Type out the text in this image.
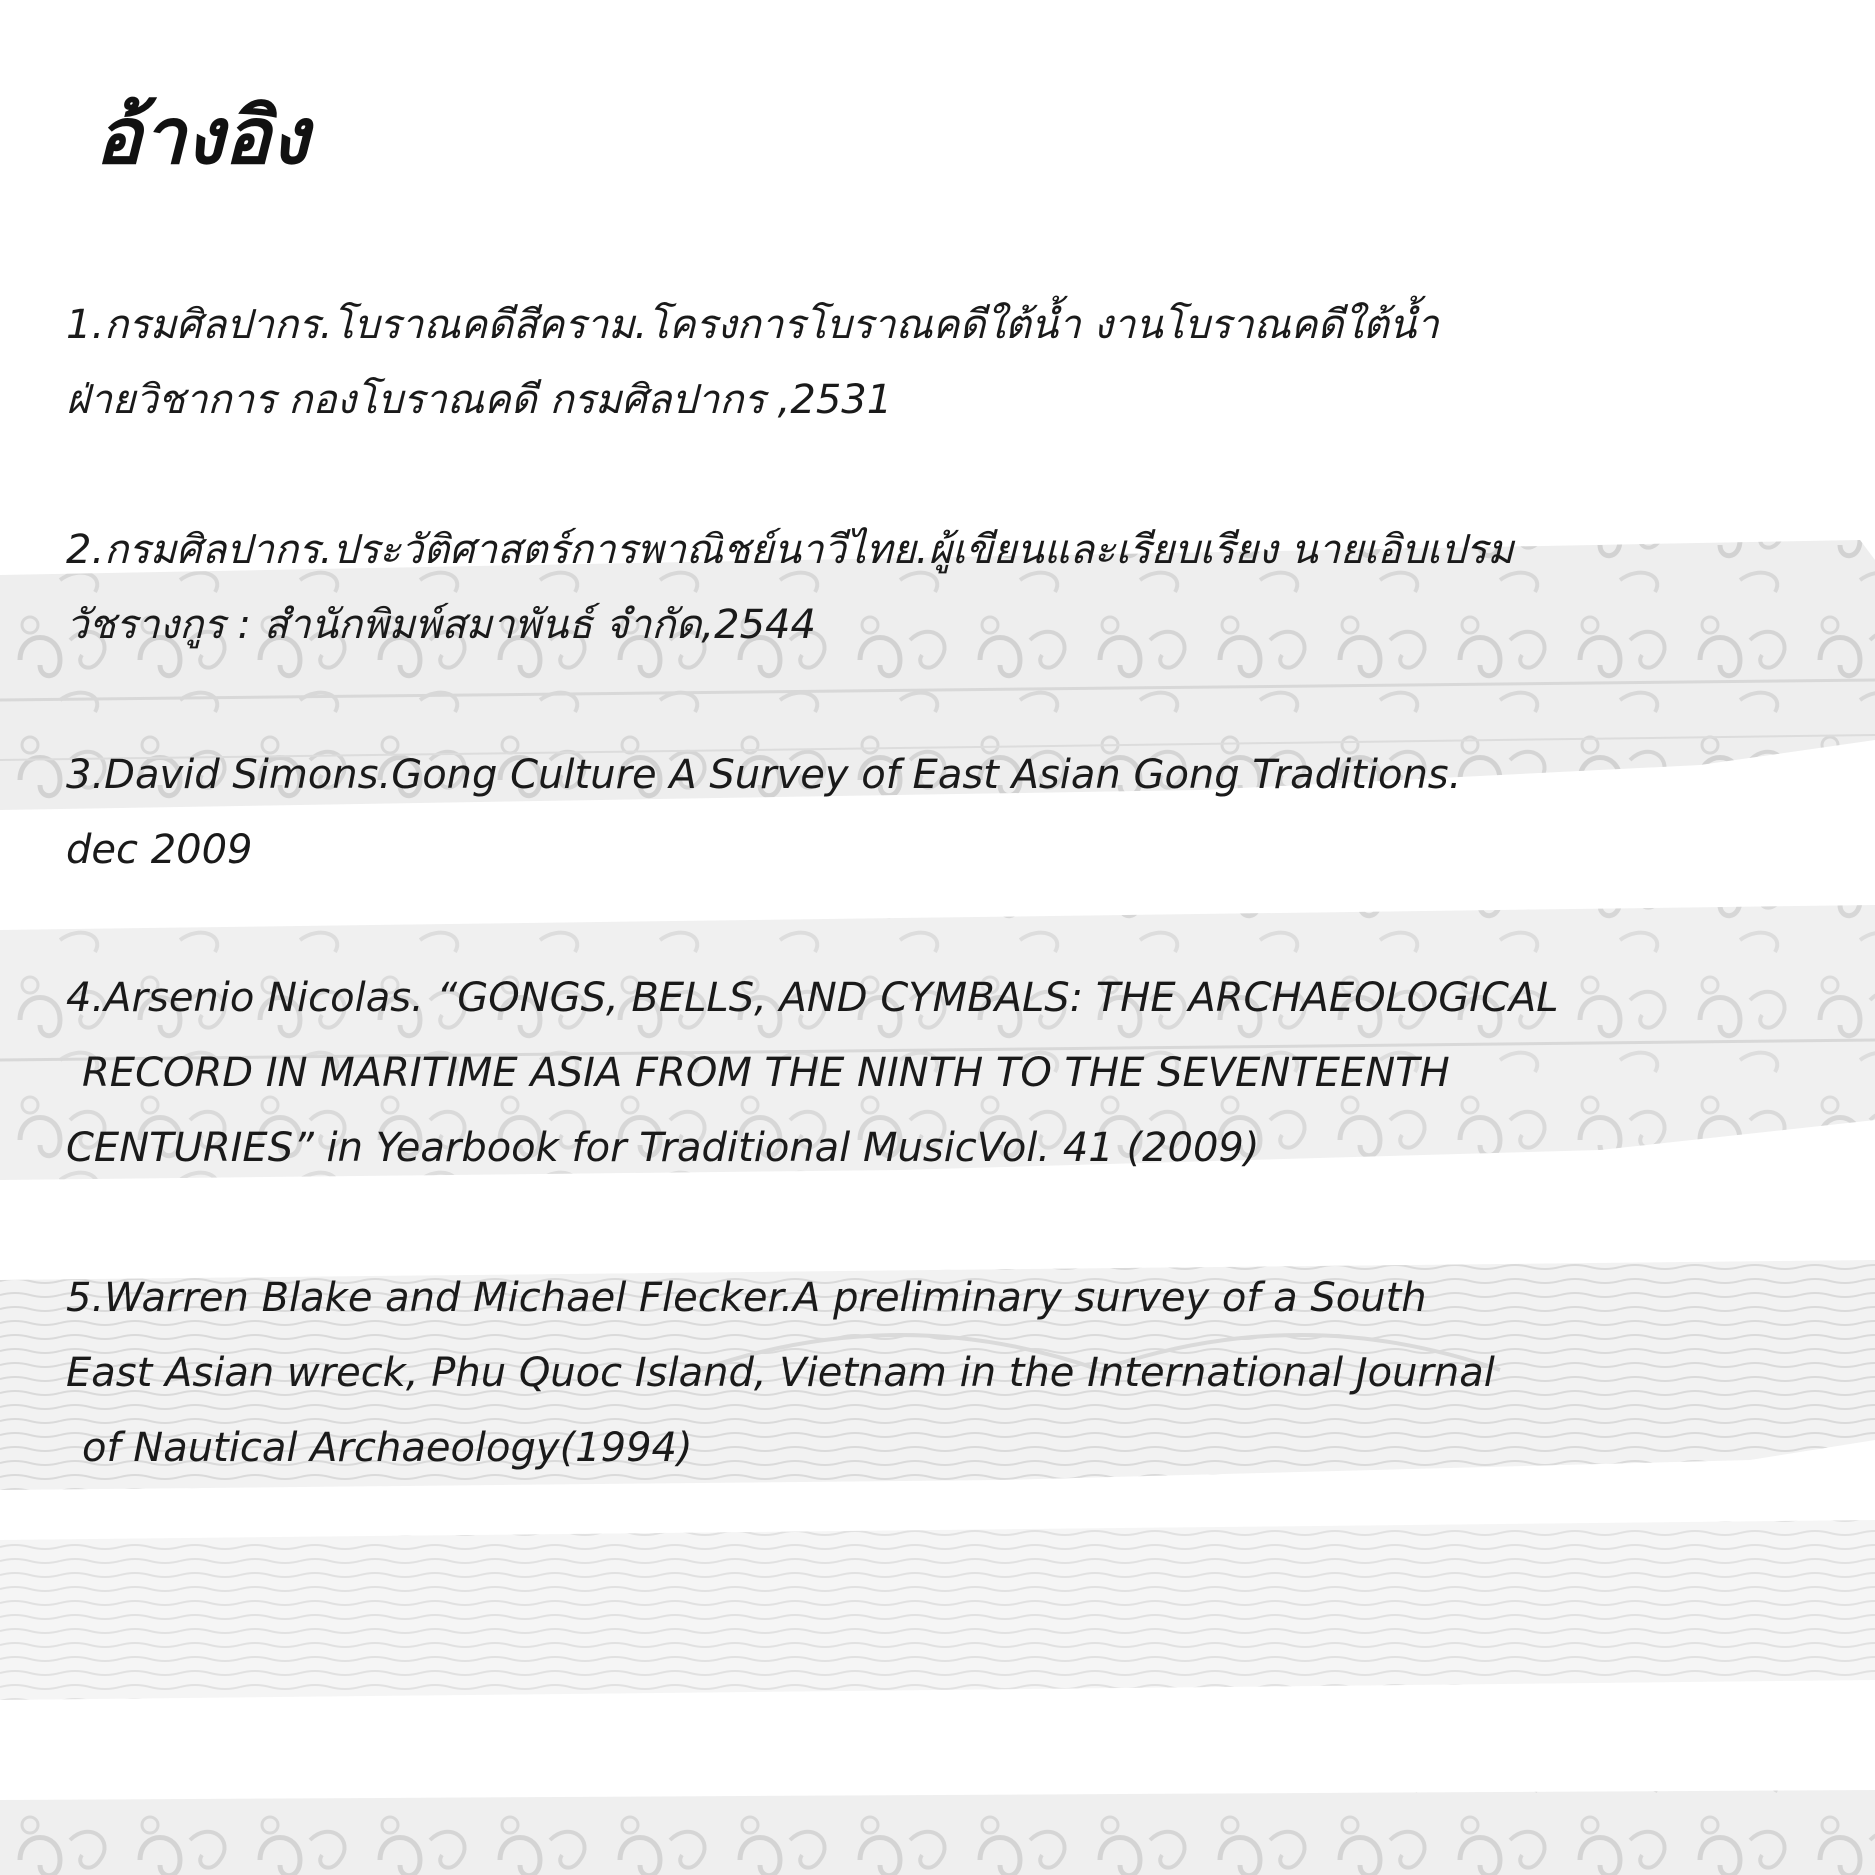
อ้างอิง
1.กรมศิลปากร.โบราณคดีสีคราม.โครงการโบราณคดีใต้น้ำ งานโบราณคดีใต้น้ำ
ฝ่ายวิชาการ กองโบราณคดี กรมศิลปากร ,2531
2.กรมศิลปากร.ประวัติศาสตร์การพาณิชย์นาวีไทย.ผู้เขียนและเรียบเรียง นายเอิบเปรม
วัชรางกูร : สำนักพิมพ์สมาพันธ์ จำกัด,2544
3.David Simons.Gong Culture A Survey of East Asian Gong Traditions.
dec 2009
4.Arsenio Nicolas. “GONGS, BELLS, AND CYMBALS: THE ARCHAEOLOGICAL
RECORD IN MARITIME ASIA FROM THE NINTH TO THE SEVENTEENTH
CENTURIES” in Yearbook for Traditional MusicVol. 41 (2009)
5.Warren Blake and Michael Flecker.A preliminary survey of a South
East Asian wreck, Phu Quoc Island, Vietnam in the International Journal
of Nautical Archaeology(1994)
